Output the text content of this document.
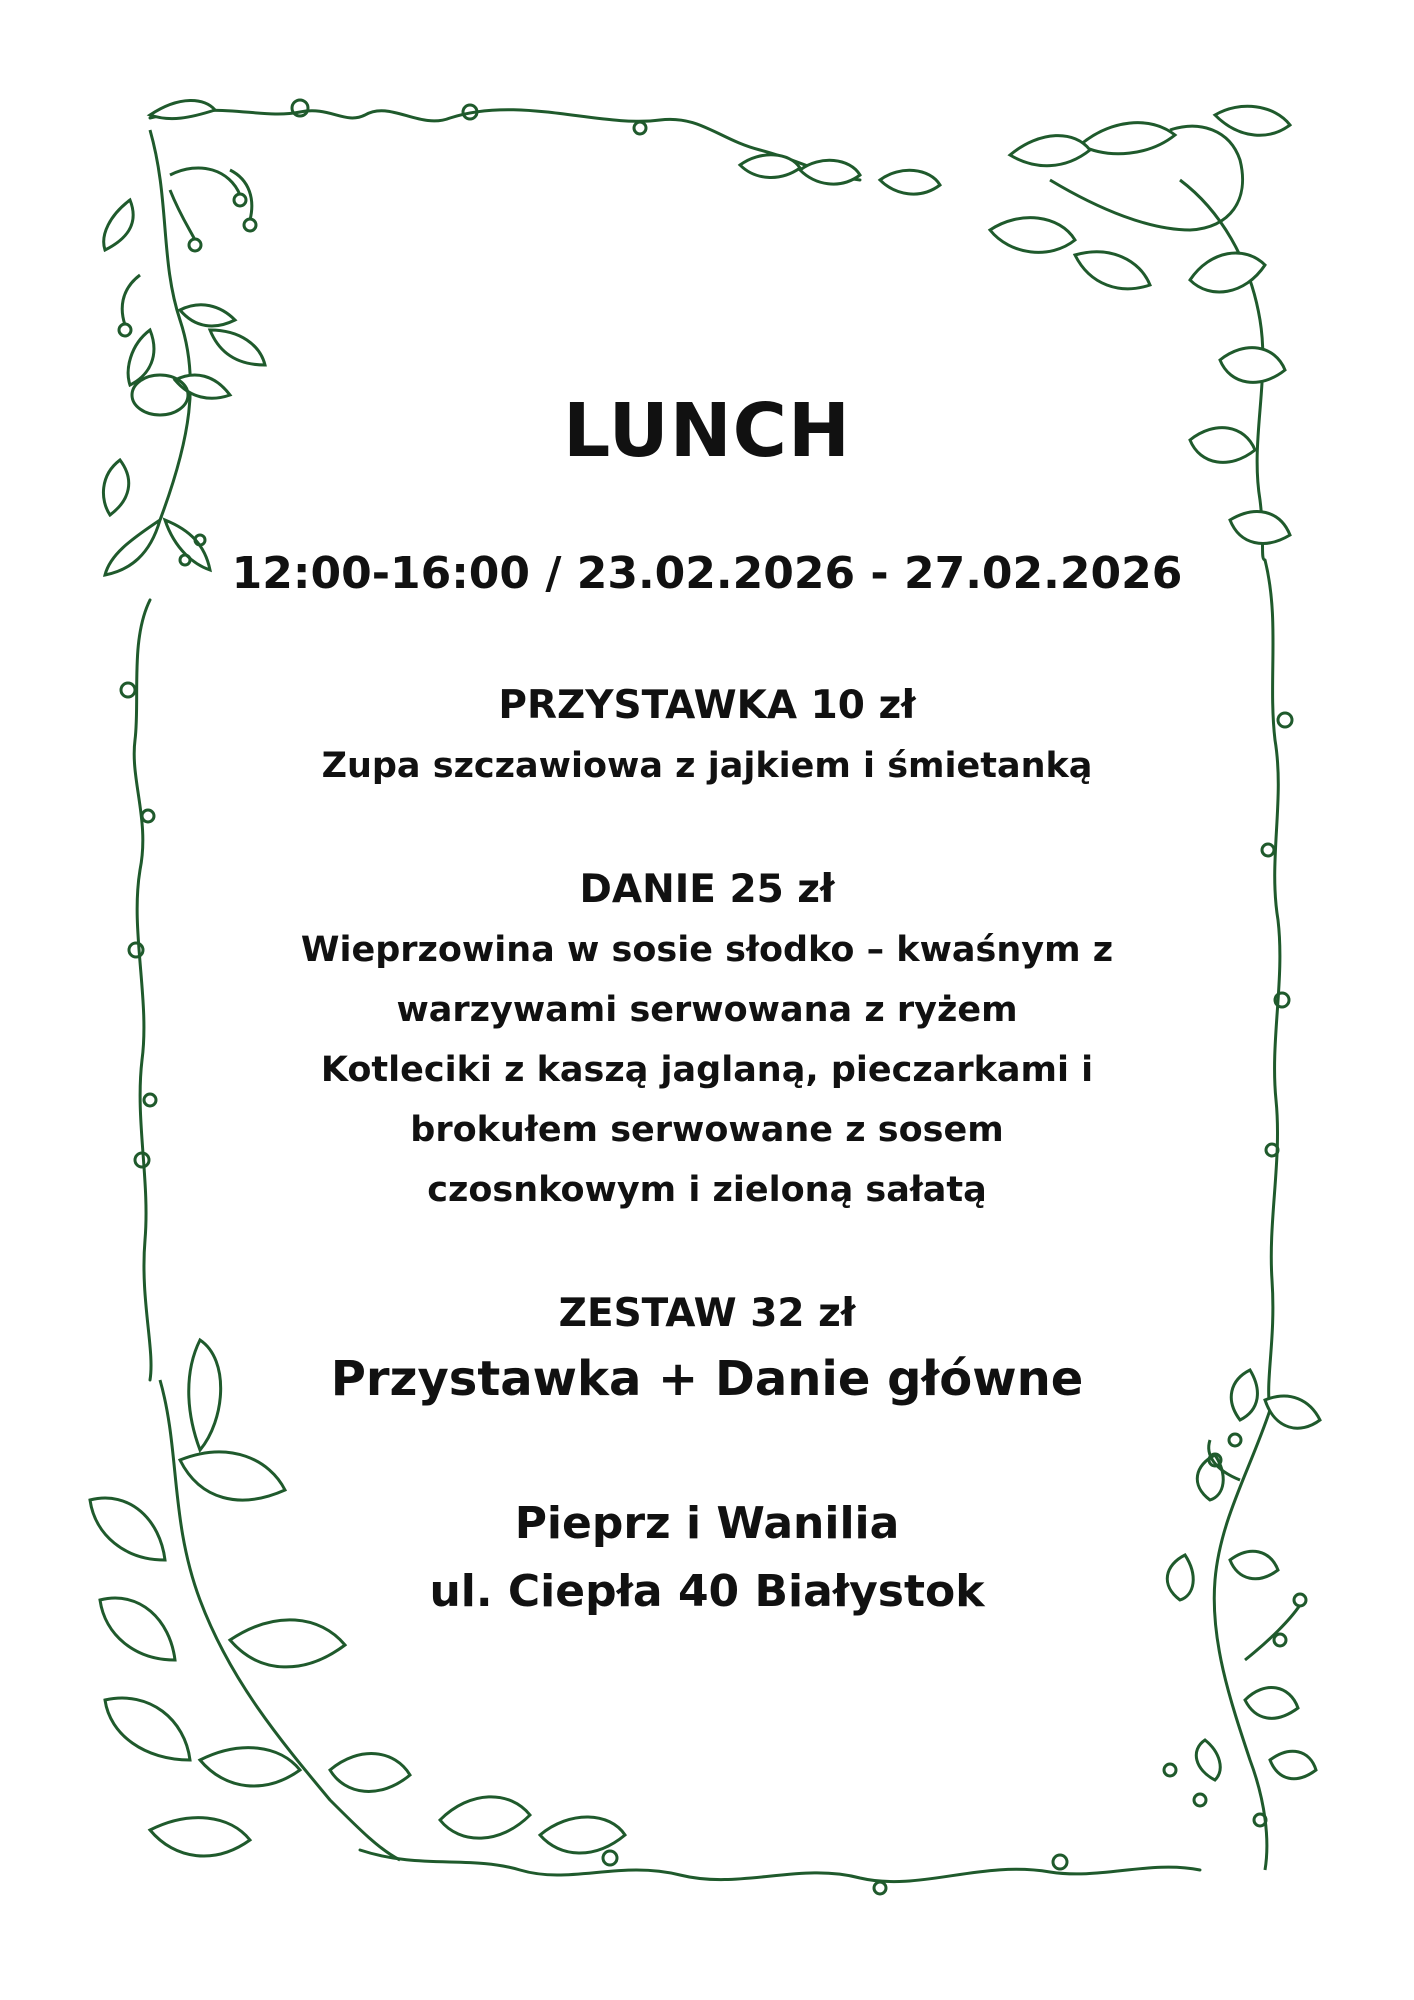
LUNCH
12:00-16:00 / 23.02.2026 - 27.02.2026
PRZYSTAWKA 10 zł
Zupa szczawiowa z jajkiem i śmietanką
DANIE 25 zł
Wieprzowina w sosie słodko – kwaśnym z
warzywami serwowana z ryżem
Kotleciki z kaszą jaglaną, pieczarkami i
brokułem serwowane z sosem
czosnkowym i zieloną sałatą
ZESTAW 32 zł
Przystawka + Danie główne
Pieprz i Wanilia
ul. Ciepła 40 Białystok
